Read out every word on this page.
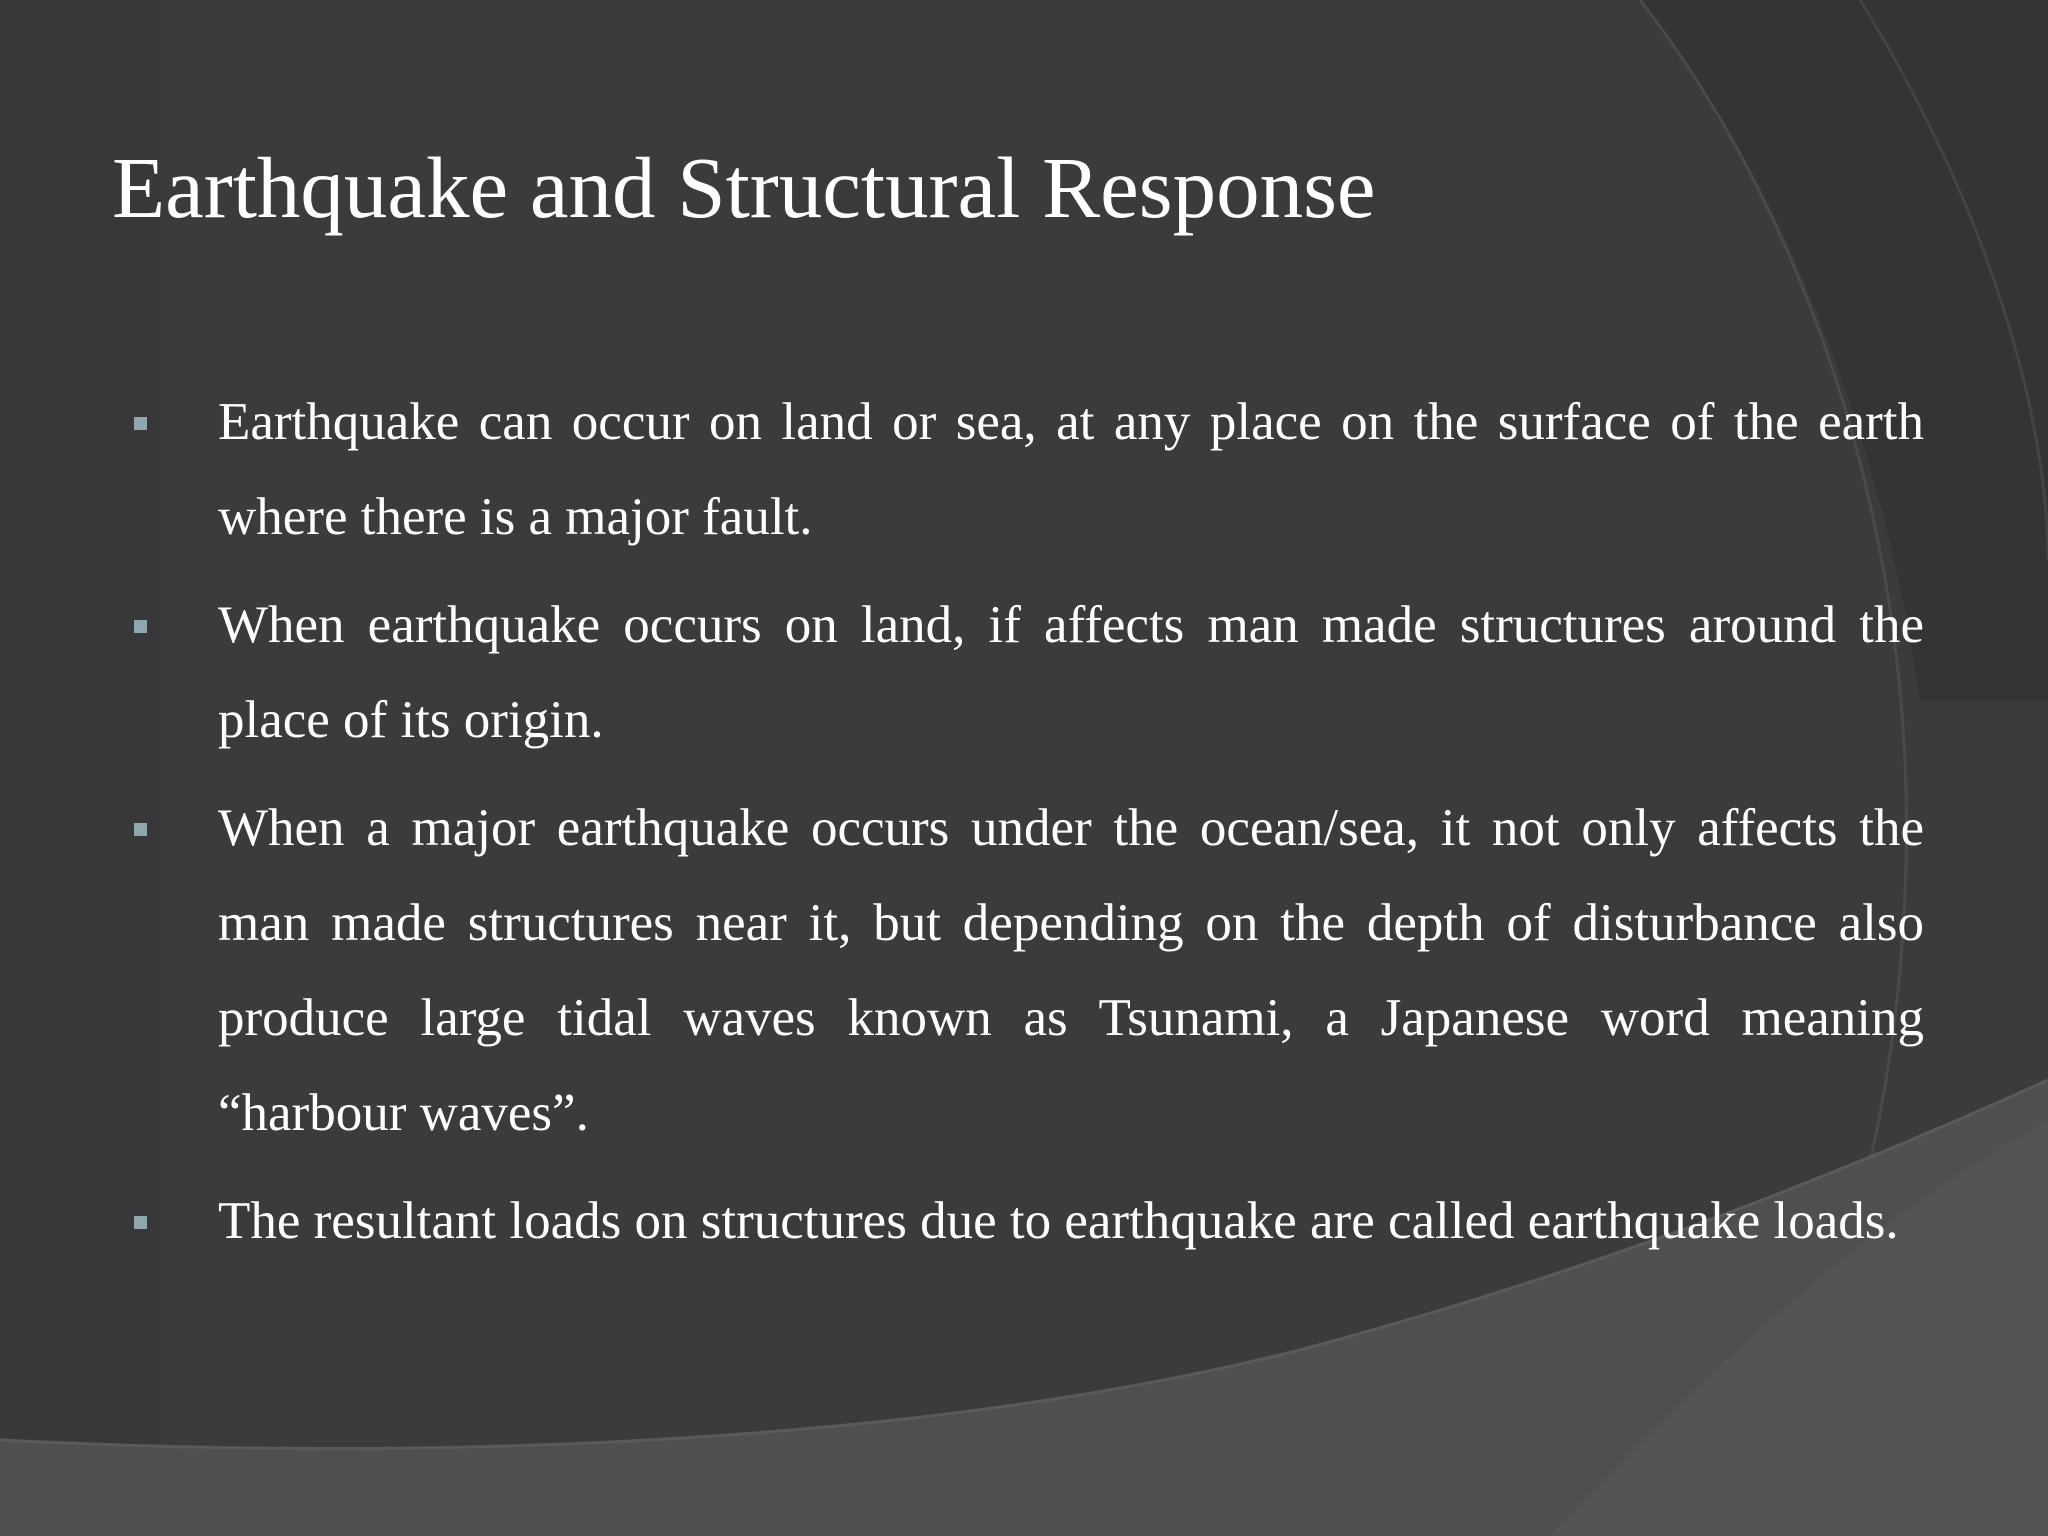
Earthquake and Structural Response
Earthquake can occur on land or sea, at any place on the surface of the earth where there is a major fault.
When earthquake occurs on land, if affects man made structures around the place of its origin.
When a major earthquake occurs under the ocean/sea, it not only affects the man made structures near it, but depending on the depth of disturbance also produce large tidal waves known as Tsunami, a Japanese word meaning “harbour waves”.
The resultant loads on structures due to earthquake are called earthquake loads.
